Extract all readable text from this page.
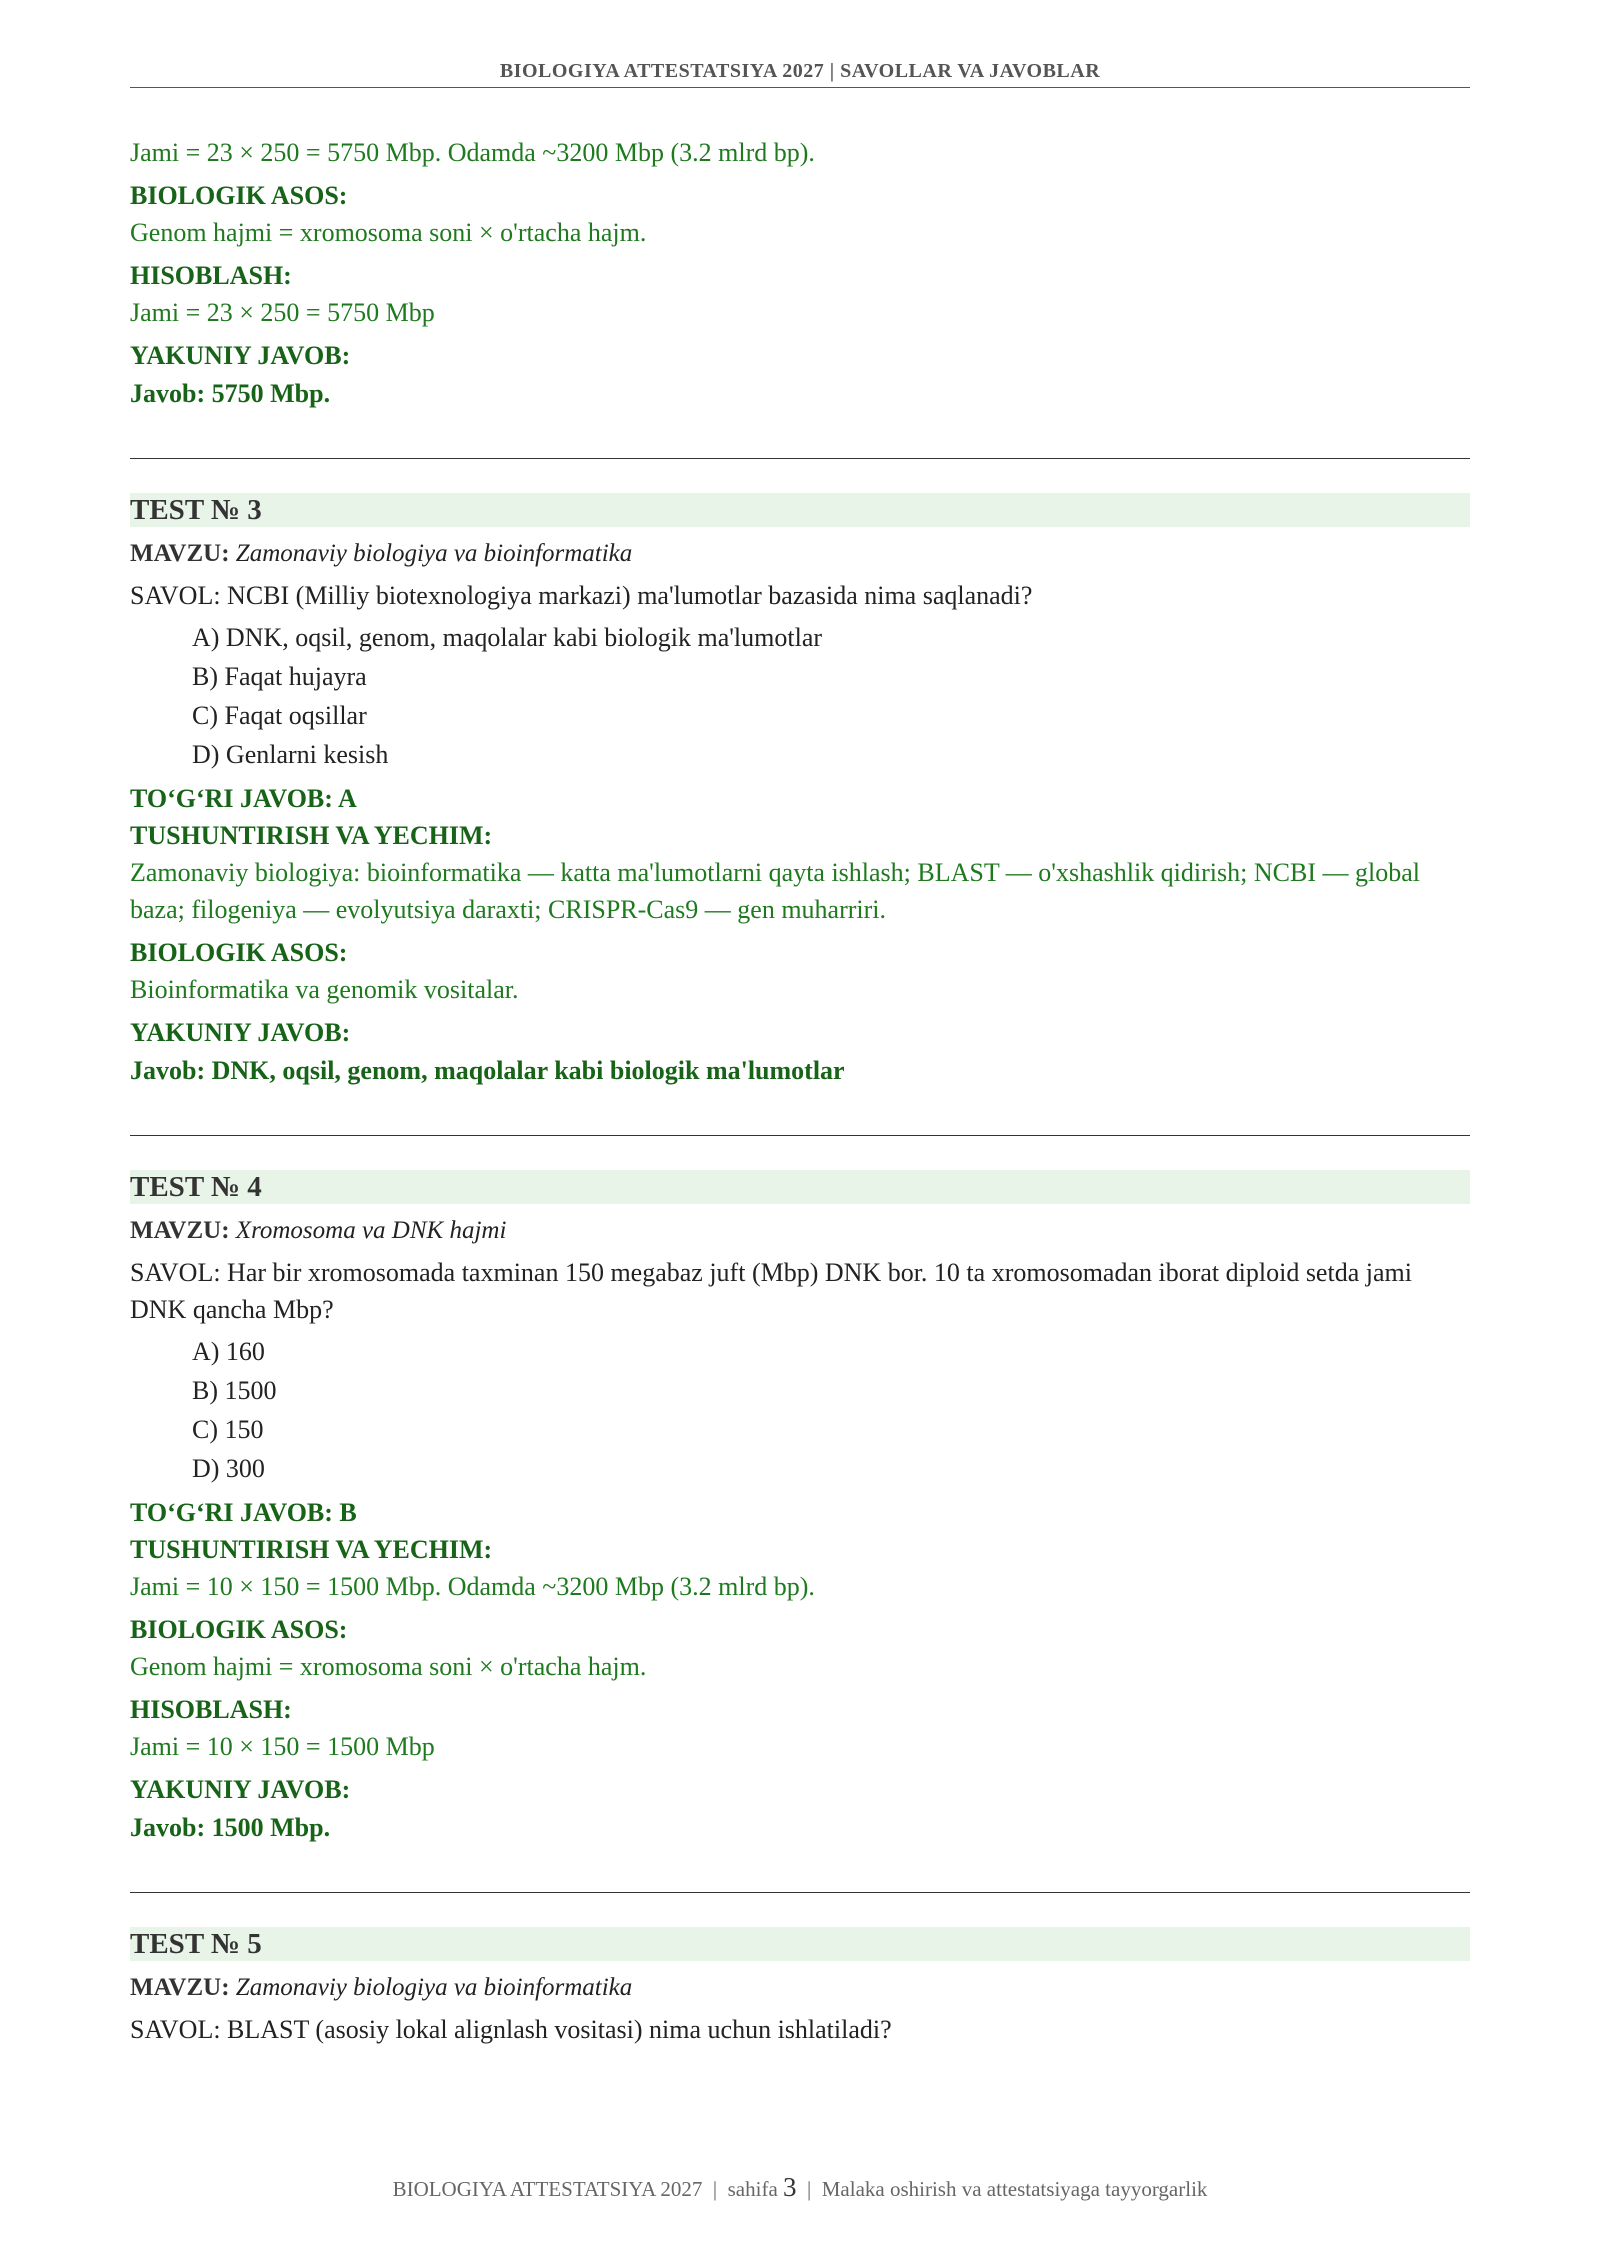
BIOLOGIYA ATTESTATSIYA 2027 | SAVOLLAR VA JAVOBLAR

Jami = 23 × 250 = 5750 Mbp. Odamda ~3200 Mbp (3.2 mlrd bp).

BIOLOGIK ASOS:

Genom hajmi = xromosoma soni × o'rtacha hajm.

HISOBLASH:

Jami = 23 × 250 = 5750 Mbp

YAKUNIY JAVOB:

Javob: 5750 Mbp.

TEST № 3

MAVZU: Zamonaviy biologiya va bioinformatika

SAVOL: NCBI (Milliy biotexnologiya markazi) ma'lumotlar bazasida nima saqlanadi?

A) DNK, oqsil, genom, maqolalar kabi biologik ma'lumotlar
B) Faqat hujayra
C) Faqat oqsillar
D) Genlarni kesish

TO‘G‘RI JAVOB: A

TUSHUNTIRISH VA YECHIM:

Zamonaviy biologiya: bioinformatika — katta ma'lumotlarni qayta ishlash; BLAST — o'xshashlik qidirish; NCBI — global baza; filogeniya — evolyutsiya daraxti; CRISPR-Cas9 — gen muharriri.

BIOLOGIK ASOS:

Bioinformatika va genomik vositalar.

YAKUNIY JAVOB:

Javob: DNK, oqsil, genom, maqolalar kabi biologik ma'lumotlar

TEST № 4

MAVZU: Xromosoma va DNK hajmi

SAVOL: Har bir xromosomada taxminan 150 megabaz juft (Mbp) DNK bor. 10 ta xromosomadan iborat diploid setda jami DNK qancha Mbp?

A) 160
B) 1500
C) 150
D) 300

TO‘G‘RI JAVOB: B

TUSHUNTIRISH VA YECHIM:

Jami = 10 × 150 = 1500 Mbp. Odamda ~3200 Mbp (3.2 mlrd bp).

BIOLOGIK ASOS:

Genom hajmi = xromosoma soni × o'rtacha hajm.

HISOBLASH:

Jami = 10 × 150 = 1500 Mbp

YAKUNIY JAVOB:

Javob: 1500 Mbp.

TEST № 5

MAVZU: Zamonaviy biologiya va bioinformatika

SAVOL: BLAST (asosiy lokal alignlash vositasi) nima uchun ishlatiladi?

BIOLOGIYA ATTESTATSIYA 2027 | sahifa 3 | Malaka oshirish va attestatsiyaga tayyorgarlik
